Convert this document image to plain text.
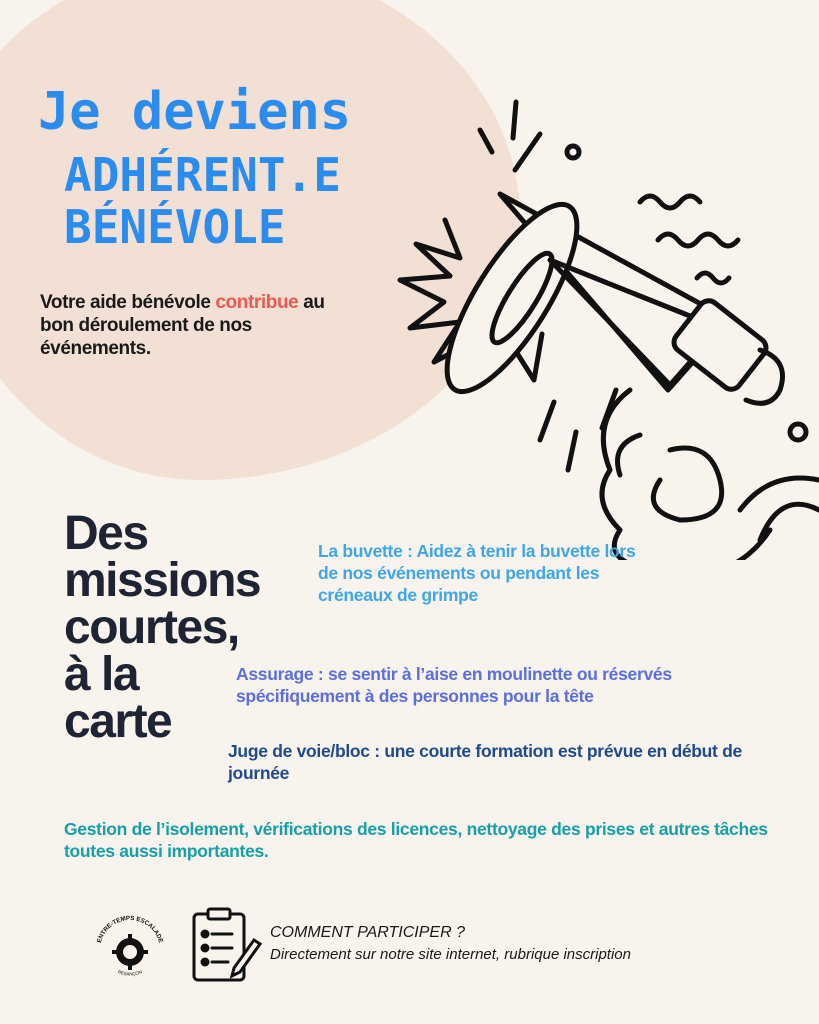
Je deviens
ADHÉRENT.E
BÉNÉVOLE

Votre aide bénévole contribue au bon déroulement de nos événements.

Des
missions
courtes,
à la
carte

La buvette : Aidez à tenir la buvette lors de nos événements ou pendant les créneaux de grimpe

Assurage : se sentir à l’aise en moulinette ou réservés spécifiquement à des personnes pour la tête

Juge de voie/bloc : une courte formation est prévue en début de journée

Gestion de l’isolement, vérifications des licences, nettoyage des prises et autres tâches toutes aussi importantes.

ENTRE-TEMPS ESCALADE
BESANÇON

COMMENT PARTICIPER ?
Directement sur notre site internet, rubrique inscription
